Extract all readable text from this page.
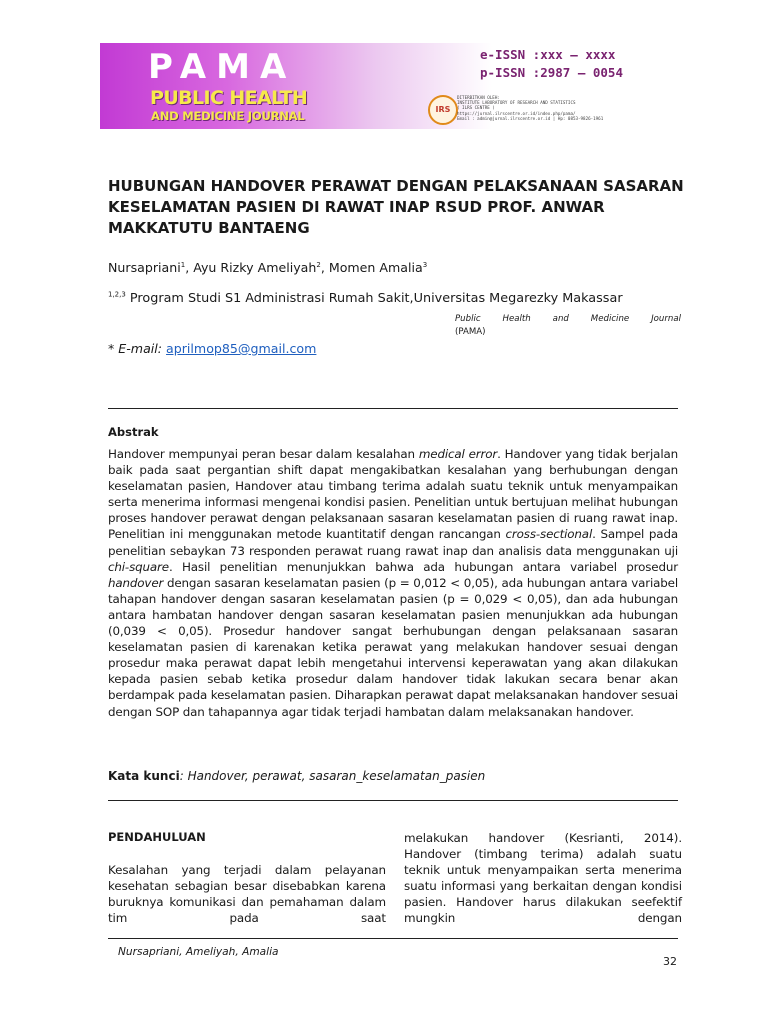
PAMA
PUBLIC HEALTH
AND MEDICINE JOURNAL
e-ISSN :xxx – xxxx
p-ISSN :2987 – 0054
IRS
DITERBITKAN OLEH:
INSTITUTE LABORATORY OF RESEARCH AND STATISTICS
( ILRS CENTRE )
https://jurnal.ilrscentre.or.id/index.php/pama/
Email : admin@jurnal.ilrscentre.or.id | Hp: 0853-9826-1961
HUBUNGAN HANDOVER PERAWAT DENGAN PELAKSANAAN SASARAN KESELAMATAN PASIEN DI RAWAT INAP RSUD PROF. ANWAR MAKKATUTU BANTAENG
Nursapriani$^1$, Ayu Rizky Ameliyah$^2$, Momen Amalia$^3$
$^{1,2,3}$ Program Studi S1 Administrasi Rumah Sakit,Universitas Megarezky Makassar
Public Health and Medicine Journal
(PAMA)
* E-mail: aprilmop85@gmail.com
Abstrak

Handover mempunyai peran besar dalam kesalahan medical error. Handover yang tidak berjalan baik pada saat pergantian shift dapat mengakibatkan kesalahan yang berhubungan dengan keselamatan pasien, Handover atau timbang terima adalah suatu teknik untuk menyampaikan serta menerima informasi mengenai kondisi pasien. Penelitian untuk bertujuan melihat hubungan proses handover perawat dengan pelaksanaan sasaran keselamatan pasien di ruang rawat inap. Penelitian ini menggunakan metode kuantitatif dengan rancangan cross-sectional. Sampel pada penelitian sebaykan 73 responden perawat ruang rawat inap dan analisis data menggunakan uji chi-square. Hasil penelitian menunjukkan bahwa ada hubungan antara variabel prosedur handover dengan sasaran keselamatan pasien (p = 0,012 < 0,05), ada hubungan antara variabel tahapan handover dengan sasaran keselamatan pasien (p = 0,029 < 0,05), dan ada hubungan antara hambatan handover dengan sasaran keselamatan pasien menunjukkan ada hubungan (0,039 < 0,05). Prosedur handover sangat berhubungan dengan pelaksanaan sasaran keselamatan pasien di karenakan ketika perawat yang melakukan handover sesuai dengan prosedur maka perawat dapat lebih mengetahui intervensi keperawatan yang akan dilakukan kepada pasien sebab ketika prosedur dalam handover tidak lakukan secara benar akan berdampak pada keselamatan pasien. Diharapkan perawat dapat melaksanakan handover sesuai dengan SOP dan tahapannya agar tidak terjadi hambatan dalam melaksanakan handover.

Kata kunci: Handover, perawat, sasaran_keselamatan_pasien
PENDAHULUAN

Kesalahan yang terjadi dalam pelayanan kesehatan sebagian besar disebabkan karena buruknya komunikasi dan pemahaman dalam tim pada saat

melakukan handover (Kesrianti, 2014). Handover (timbang terima) adalah suatu teknik untuk menyampaikan serta menerima suatu informasi yang berkaitan dengan kondisi pasien. Handover harus dilakukan seefektif mungkin dengan

Nursapriani, Ameliyah, Amalia
32
